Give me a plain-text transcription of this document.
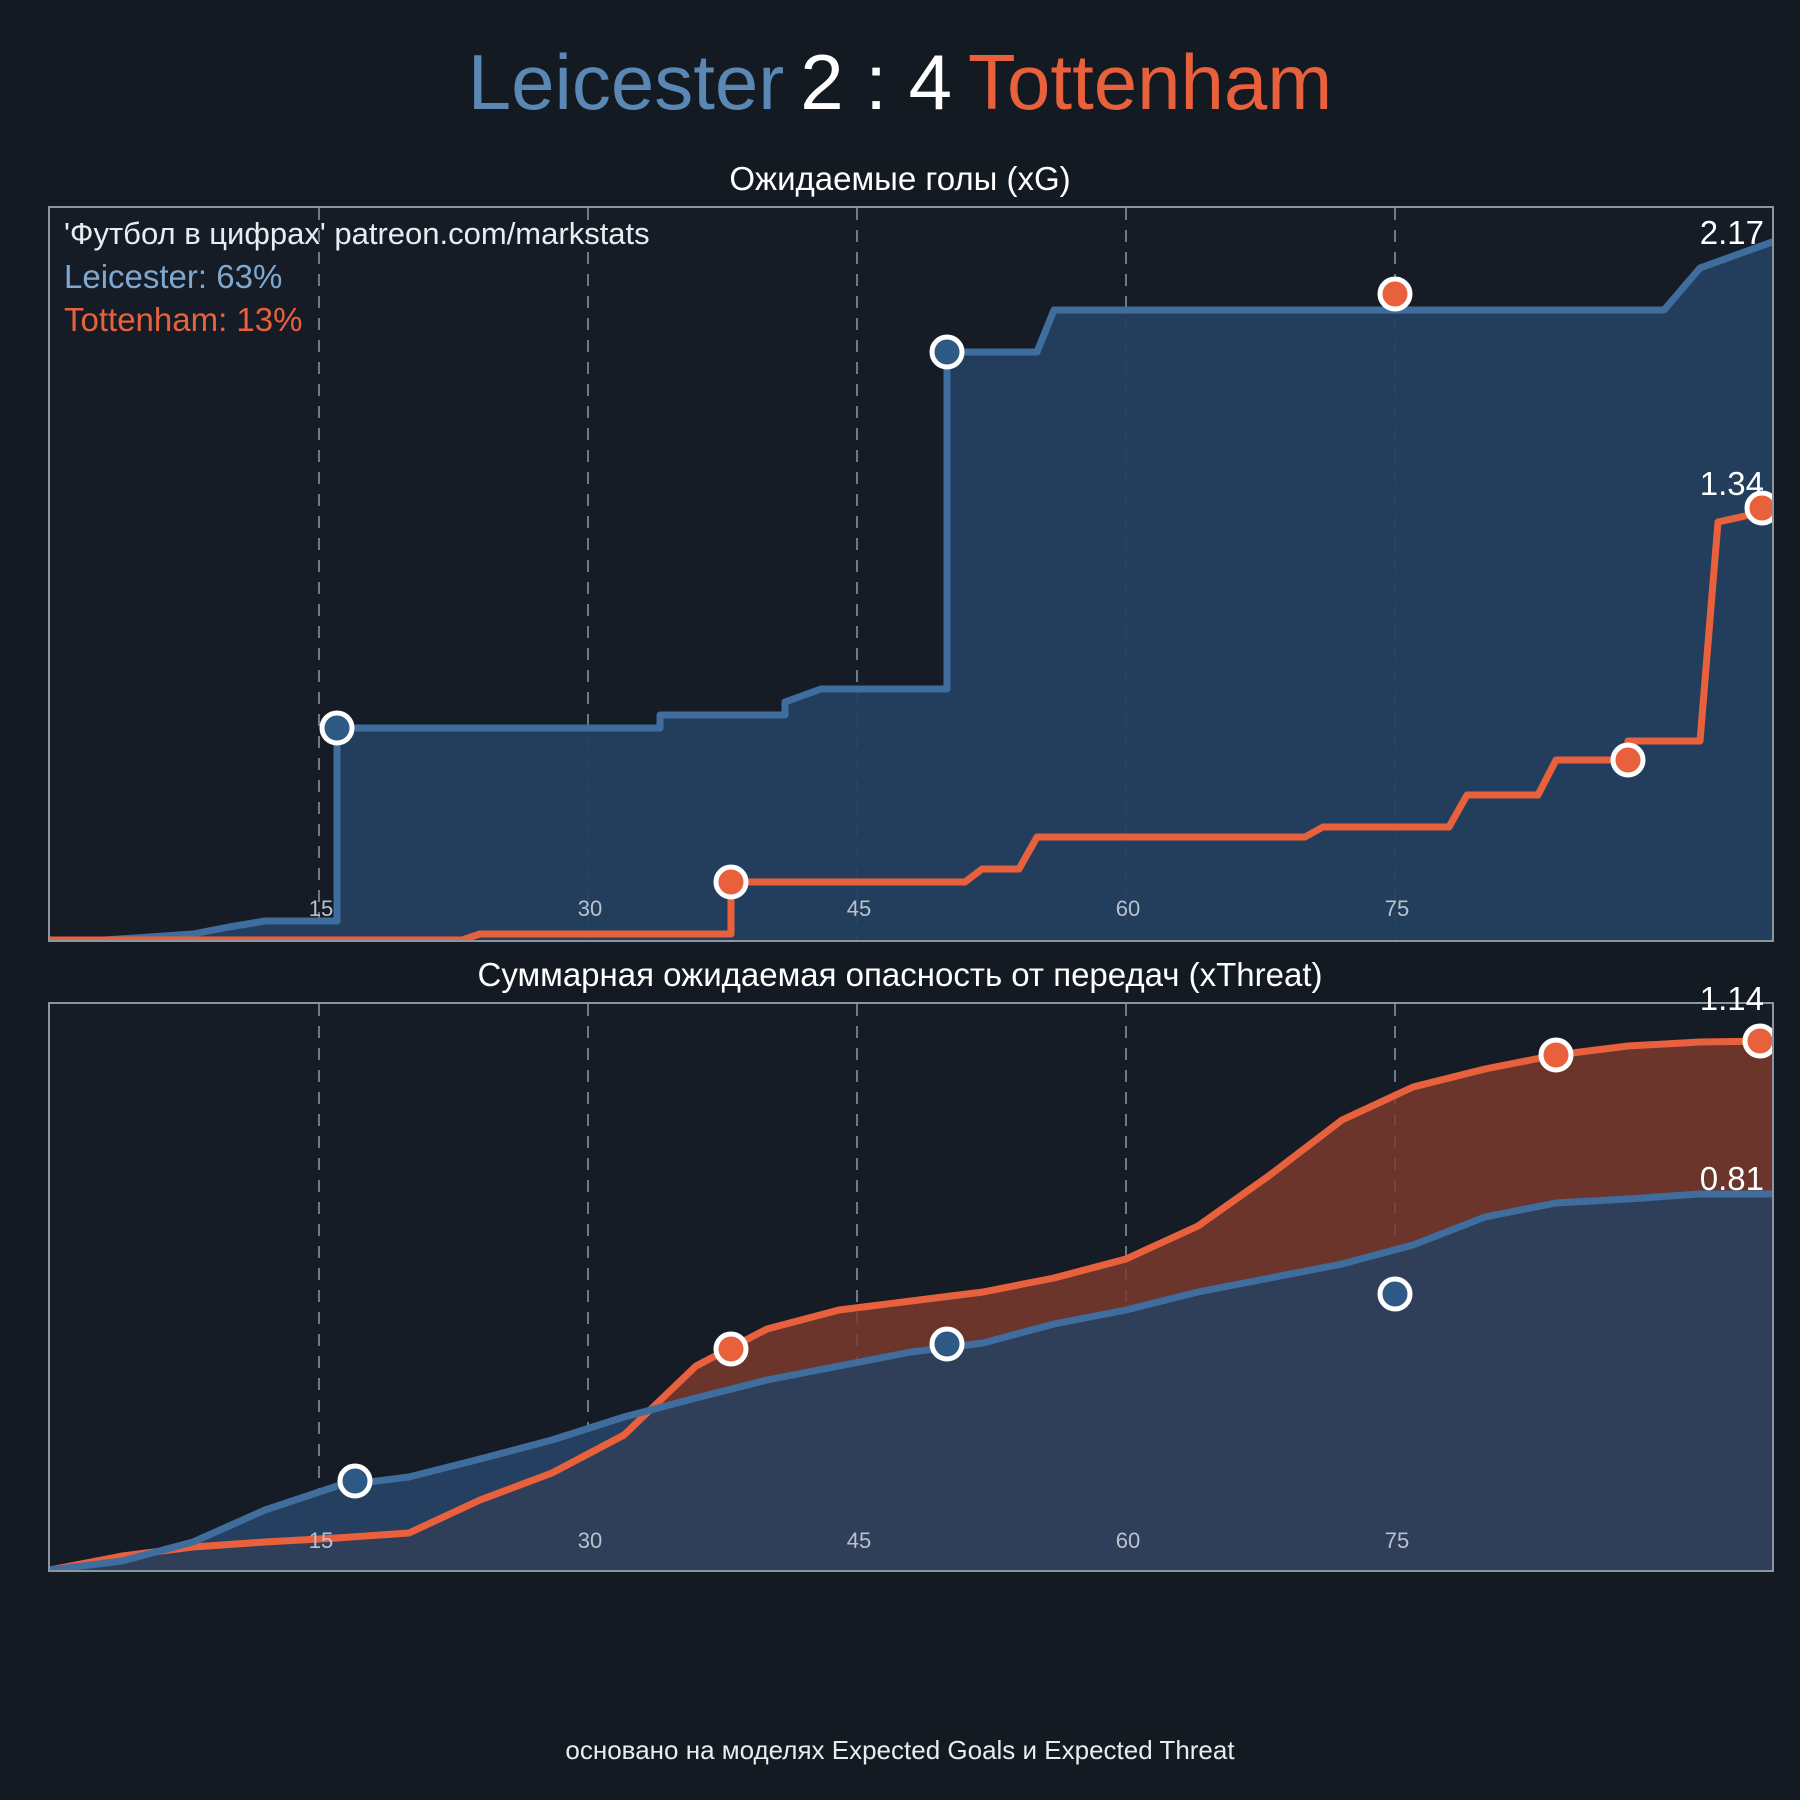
Leicester 2 : 4 Tottenham
Ожидаемые голы (xG)
'Футбол в цифрах' patreon.com/markstats
Leicester: 63%
Tottenham: 13%
2.17
1.34
15	30	45	60	75
Суммарная ожидаемая опасность от передач (xThreat)
1.14
0.81
15	30	45	60	75
основано на моделях Expected Goals и Expected Threat
